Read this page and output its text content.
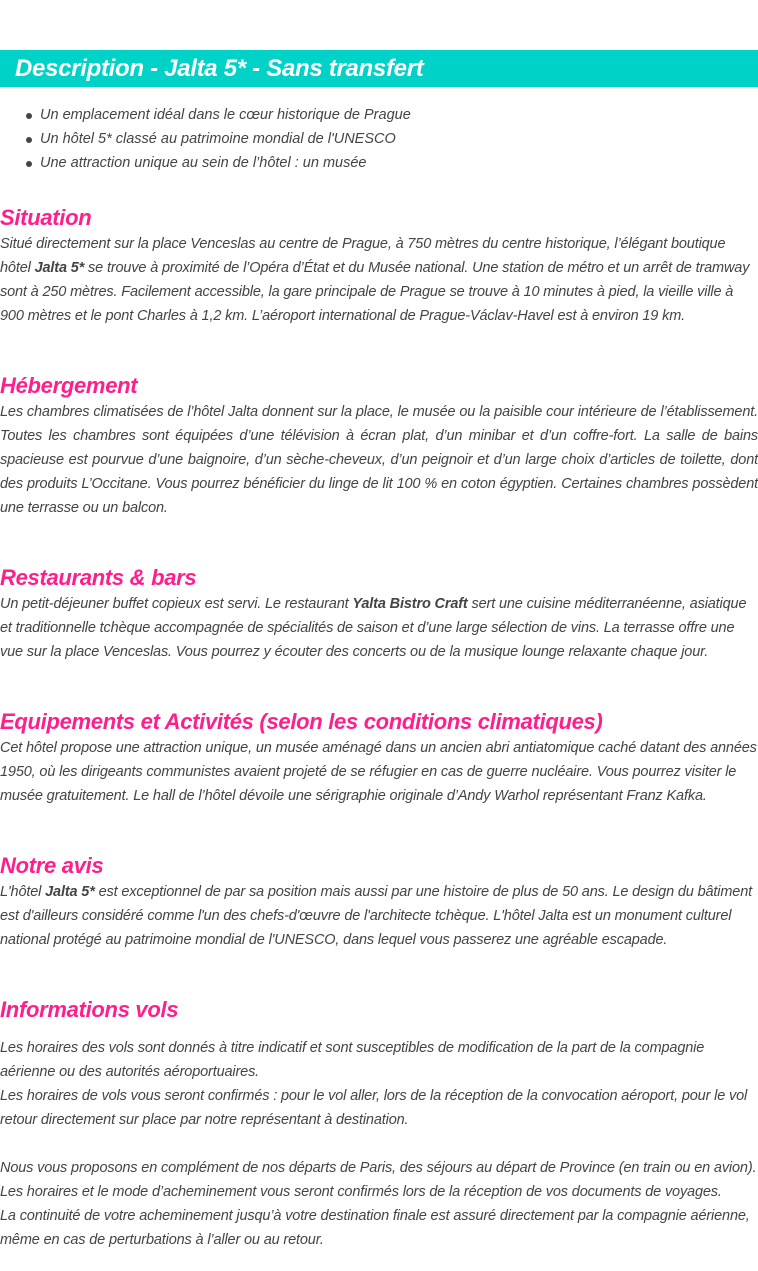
Description - Jalta 5* - Sans transfert
Un emplacement idéal dans le cœur historique de Prague
Un hôtel 5* classé au patrimoine mondial de l'UNESCO
Une attraction unique au sein de l’hôtel : un musée
Situation

Situé directement sur la place Venceslas au centre de Prague, à 750 mètres du centre historique, l’élégant boutique hôtel Jalta 5* se trouve à proximité de l’Opéra d’État et du Musée national. Une station de métro et un arrêt de tramway sont à 250 mètres. Facilement accessible, la gare principale de Prague se trouve à 10 minutes à pied, la vieille ville à 900 mètres et le pont Charles à 1,2 km. L’aéroport international de Prague-Václav-Havel est à environ 19 km.

Hébergement

Les chambres climatisées de l’hôtel Jalta donnent sur la place, le musée ou la paisible cour intérieure de l’établissement. Toutes les chambres sont équipées d’une télévision à écran plat, d’un minibar et d’un coffre-fort. La salle de bains spacieuse est pourvue d’une baignoire, d’un sèche-cheveux, d’un peignoir et d’un large choix d’articles de toilette, dont des produits L’Occitane. Vous pourrez bénéficier du linge de lit 100 % en coton égyptien. Certaines chambres possèdent une terrasse ou un balcon.

Restaurants & bars

Un petit-déjeuner buffet copieux est servi. Le restaurant Yalta Bistro Craft sert une cuisine méditerranéenne, asiatique et traditionnelle tchèque accompagnée de spécialités de saison et d’une large sélection de vins. La terrasse offre une vue sur la place Venceslas. Vous pourrez y écouter des concerts ou de la musique lounge relaxante chaque jour.

Equipements et Activités (selon les conditions climatiques)

Cet hôtel propose une attraction unique, un musée aménagé dans un ancien abri antiatomique caché datant des années 1950, où les dirigeants communistes avaient projeté de se réfugier en cas de guerre nucléaire. Vous pourrez visiter le musée gratuitement. Le hall de l’hôtel dévoile une sérigraphie originale d’Andy Warhol représentant Franz Kafka.

Notre avis

L'hôtel Jalta 5* est exceptionnel de par sa position mais aussi par une histoire de plus de 50 ans. Le design du bâtiment est d'ailleurs considéré comme l'un des chefs-d'œuvre de l'architecte tchèque. L'hôtel Jalta est un monument culturel national protégé au patrimoine mondial de l'UNESCO, dans lequel vous passerez une agréable escapade.

Informations vols

Les horaires des vols sont donnés à titre indicatif et sont susceptibles de modification de la part de la compagnie aérienne ou des autorités aéroportuaires.

Les horaires de vols vous seront confirmés : pour le vol aller, lors de la réception de la convocation aéroport, pour le vol retour directement sur place par notre représentant à destination.

Nous vous proposons en complément de nos départs de Paris, des séjours au départ de Province (en train ou en avion).

Les horaires et le mode d’acheminement vous seront confirmés lors de la réception de vos documents de voyages.

La continuité de votre acheminement jusqu’à votre destination finale est assuré directement par la compagnie aérienne, même en cas de perturbations à l’aller ou au retour.
